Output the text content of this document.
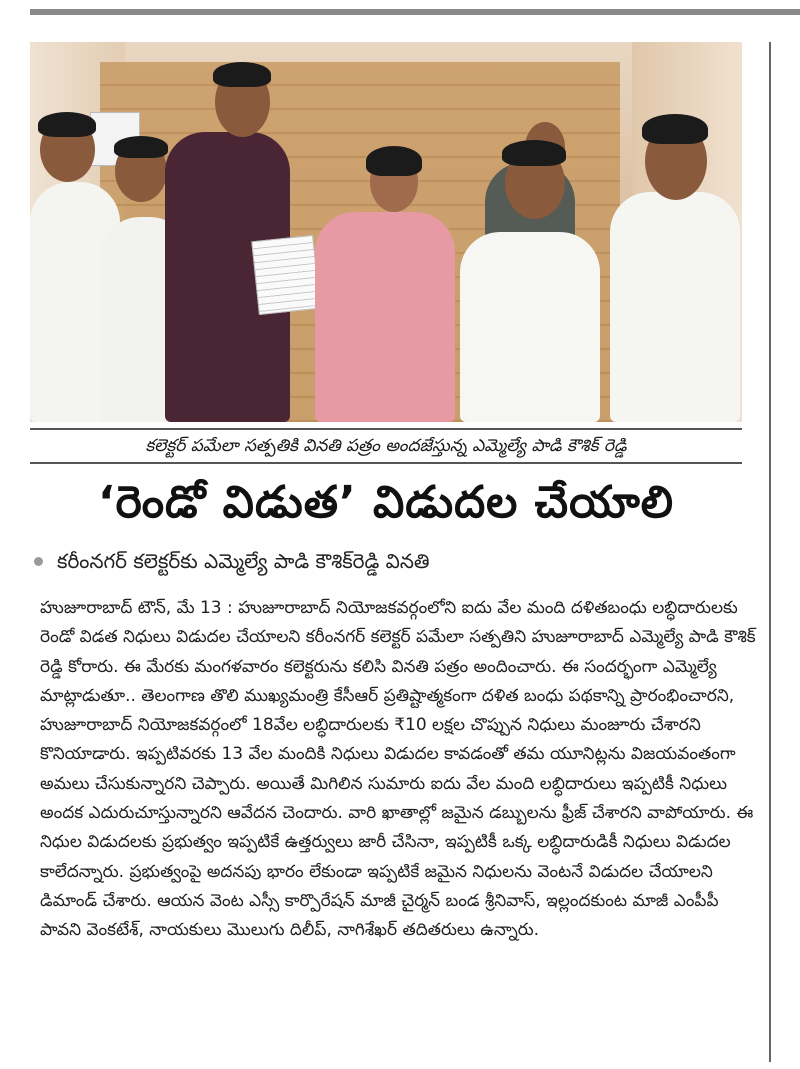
కలెక్టర్ పమేలా సత్పతికి వినతి పత్రం అందజేస్తున్న ఎమ్మెల్యే పాడి కౌశిక్ రెడ్డి
‘రెండో విడుత’ విడుదల చేయాలి
కరీంనగర్ కలెక్టర్‌కు ఎమ్మెల్యే పాడి కౌశిక్‌రెడ్డి వినతి

హుజూరాబాద్ టౌన్, మే 13 : హుజూరాబాద్ నియోజకవర్గంలోని ఐదు వేల మంది దళితబంధు లబ్ధిదారులకు రెండో విడత నిధులు విడుదల చేయాలని కరీంనగర్ కలెక్టర్ పమేలా సత్పతిని హుజూరాబాద్ ఎమ్మెల్యే పాడి కౌశిక్ రెడ్డి కోరారు. ఈ మేరకు మంగళవారం కలెక్టరును కలిసి వినతి పత్రం అందించారు. ఈ సందర్భంగా ఎమ్మెల్యే మాట్లాడుతూ.. తెలంగాణ తొలి ముఖ్యమంత్రి కేసీఆర్ ప్రతిష్టాత్మకంగా దళిత బంధు పథకాన్ని ప్రారంభించారని, హుజూరాబాద్ నియోజకవర్గంలో 18వేల లబ్ధిదారులకు ₹10 లక్షల చొప్పున నిధులు మంజూరు చేశారని కొనియాడారు. ఇప్పటివరకు 13 వేల మందికి నిధులు విడుదల కావడంతో తమ యూనిట్లను విజయవంతంగా అమలు చేసుకున్నారని చెప్పారు. అయితే మిగిలిన సుమారు ఐదు వేల మంది లబ్ధిదారులు ఇప్పటికీ నిధులు అందక ఎదురుచూస్తున్నారని ఆవేదన చెందారు. వారి ఖాతాల్లో జమైన డబ్బులను ఫ్రీజ్ చేశారని వాపోయారు. ఈ నిధుల విడుదలకు ప్రభుత్వం ఇప్పటికే ఉత్తర్వులు జారీ చేసినా, ఇప్పటికీ ఒక్క లబ్ధిదారుడికీ నిధులు విడుదల కాలేదన్నారు. ప్రభుత్వంపై అదనపు భారం లేకుండా ఇప్పటికే జమైన నిధులను వెంటనే విడుదల చేయాలని డిమాండ్ చేశారు. ఆయన వెంట ఎస్సీ కార్పొరేషన్ మాజీ చైర్మన్ బండ శ్రీనివాస్, ఇల్లందకుంట మాజీ ఎంపీపీ పావని వెంకటేశ్, నాయకులు మొలుగు దిలీప్, నాగిశేఖర్ తదితరులు ఉన్నారు.
